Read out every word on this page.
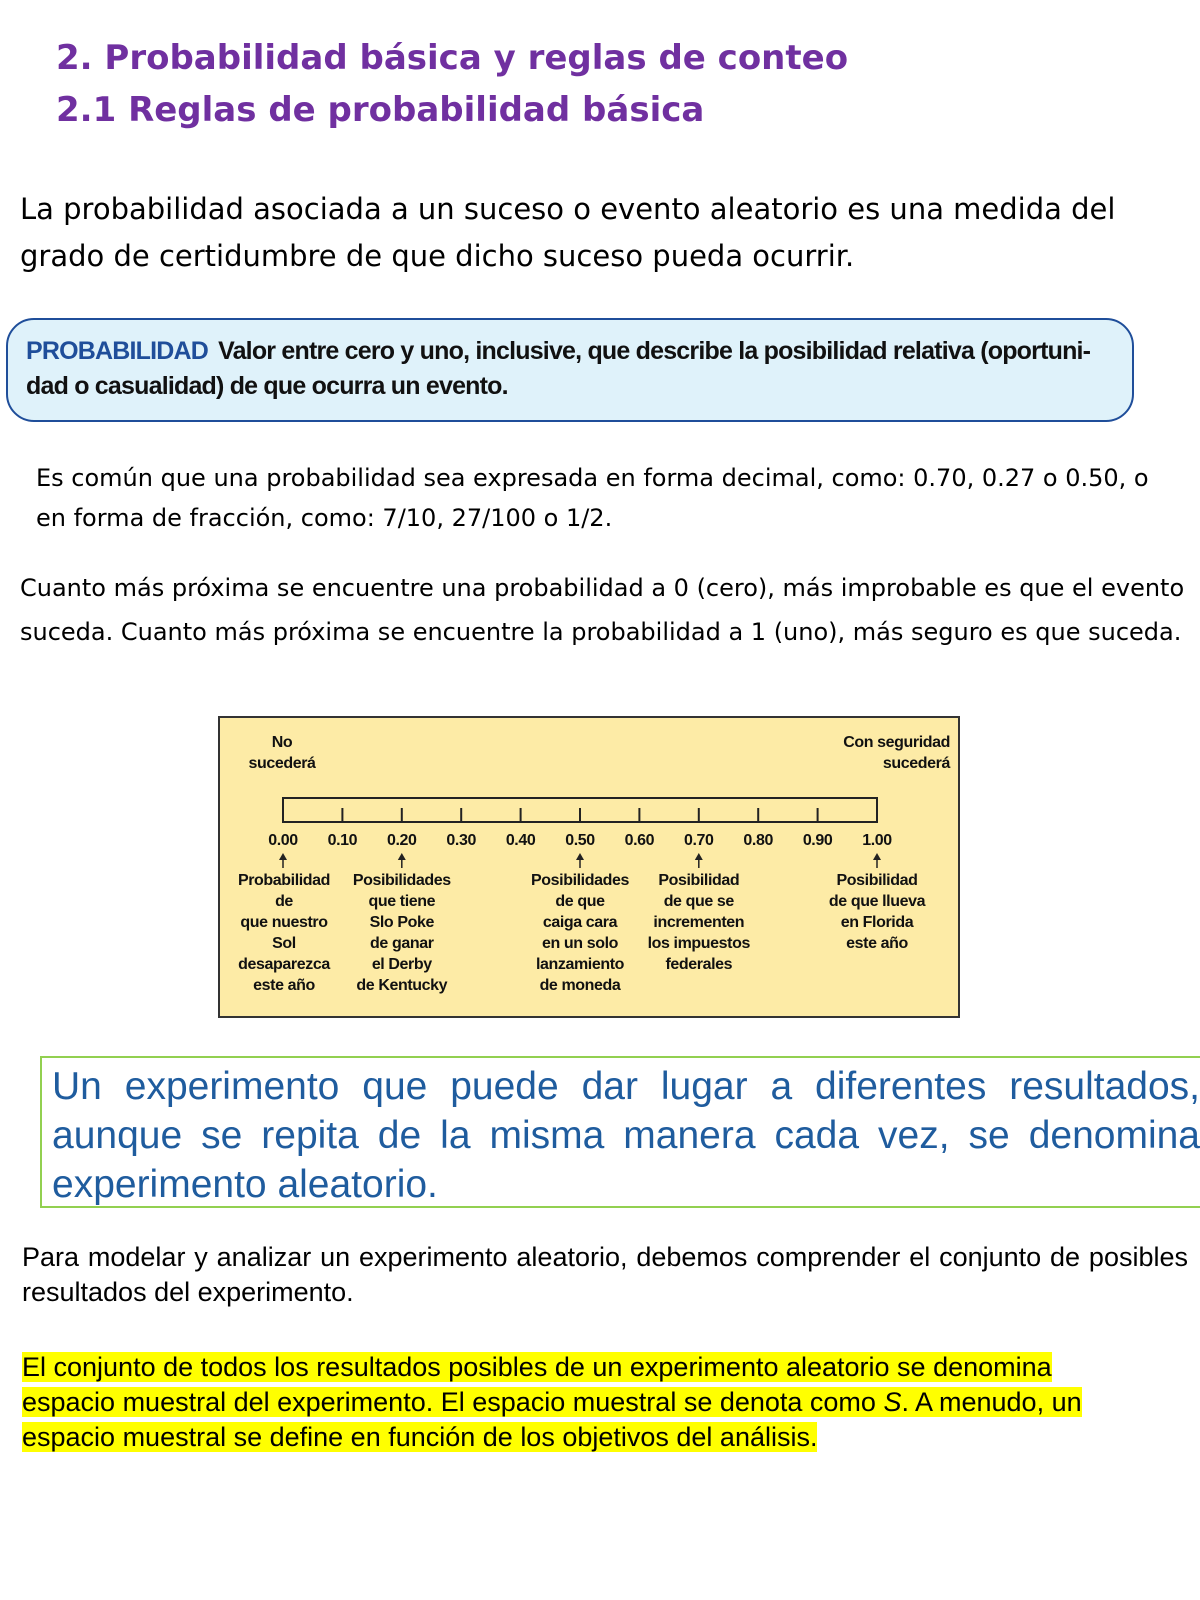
2. Probabilidad básica y reglas de conteo
2.1 Reglas de probabilidad básica
La probabilidad asociada a un suceso o evento aleatorio es una medida del grado de certidumbre de que dicho suceso pueda ocurrir.
PROBABILIDAD Valor entre cero y uno, inclusive, que describe la posibilidad relativa (oportuni-dad o casualidad) de que ocurra un evento.
Es común que una probabilidad sea expresada en forma decimal, como: 0.70, 0.27 o 0.50, o en forma de fracción, como: 7/10, 27/100 o 1/2.
Cuanto más próxima se encuentre una probabilidad a 0 (cero), más improbable es que el evento suceda. Cuanto más próxima se encuentre la probabilidad a 1 (uno), más seguro es que suceda.
No
sucederá
Con seguridad
sucederá
0.00	0.10	0.20	0.30	0.40	0.50	0.60	0.70	0.80	0.90	1.00
Probabilidad
de
que nuestro
Sol
desaparezca
este año
Posibilidades
que tiene
Slo Poke
de ganar
el Derby
de Kentucky
Posibilidades
de que
caiga cara
en un solo
lanzamiento
de moneda
Posibilidad
de que se
incrementen
los impuestos
federales
Posibilidad
de que llueva
en Florida
este año
Un experimento que puede dar lugar a diferentes resultados, aunque se repita de la misma manera cada vez, se denomina experimento aleatorio.
Para modelar y analizar un experimento aleatorio, debemos comprender el conjunto de posibles resultados del experimento.
El conjunto de todos los resultados posibles de un experimento aleatorio se denomina espacio muestral del experimento. El espacio muestral se denota como S. A menudo, un espacio muestral se define en función de los objetivos del análisis.
